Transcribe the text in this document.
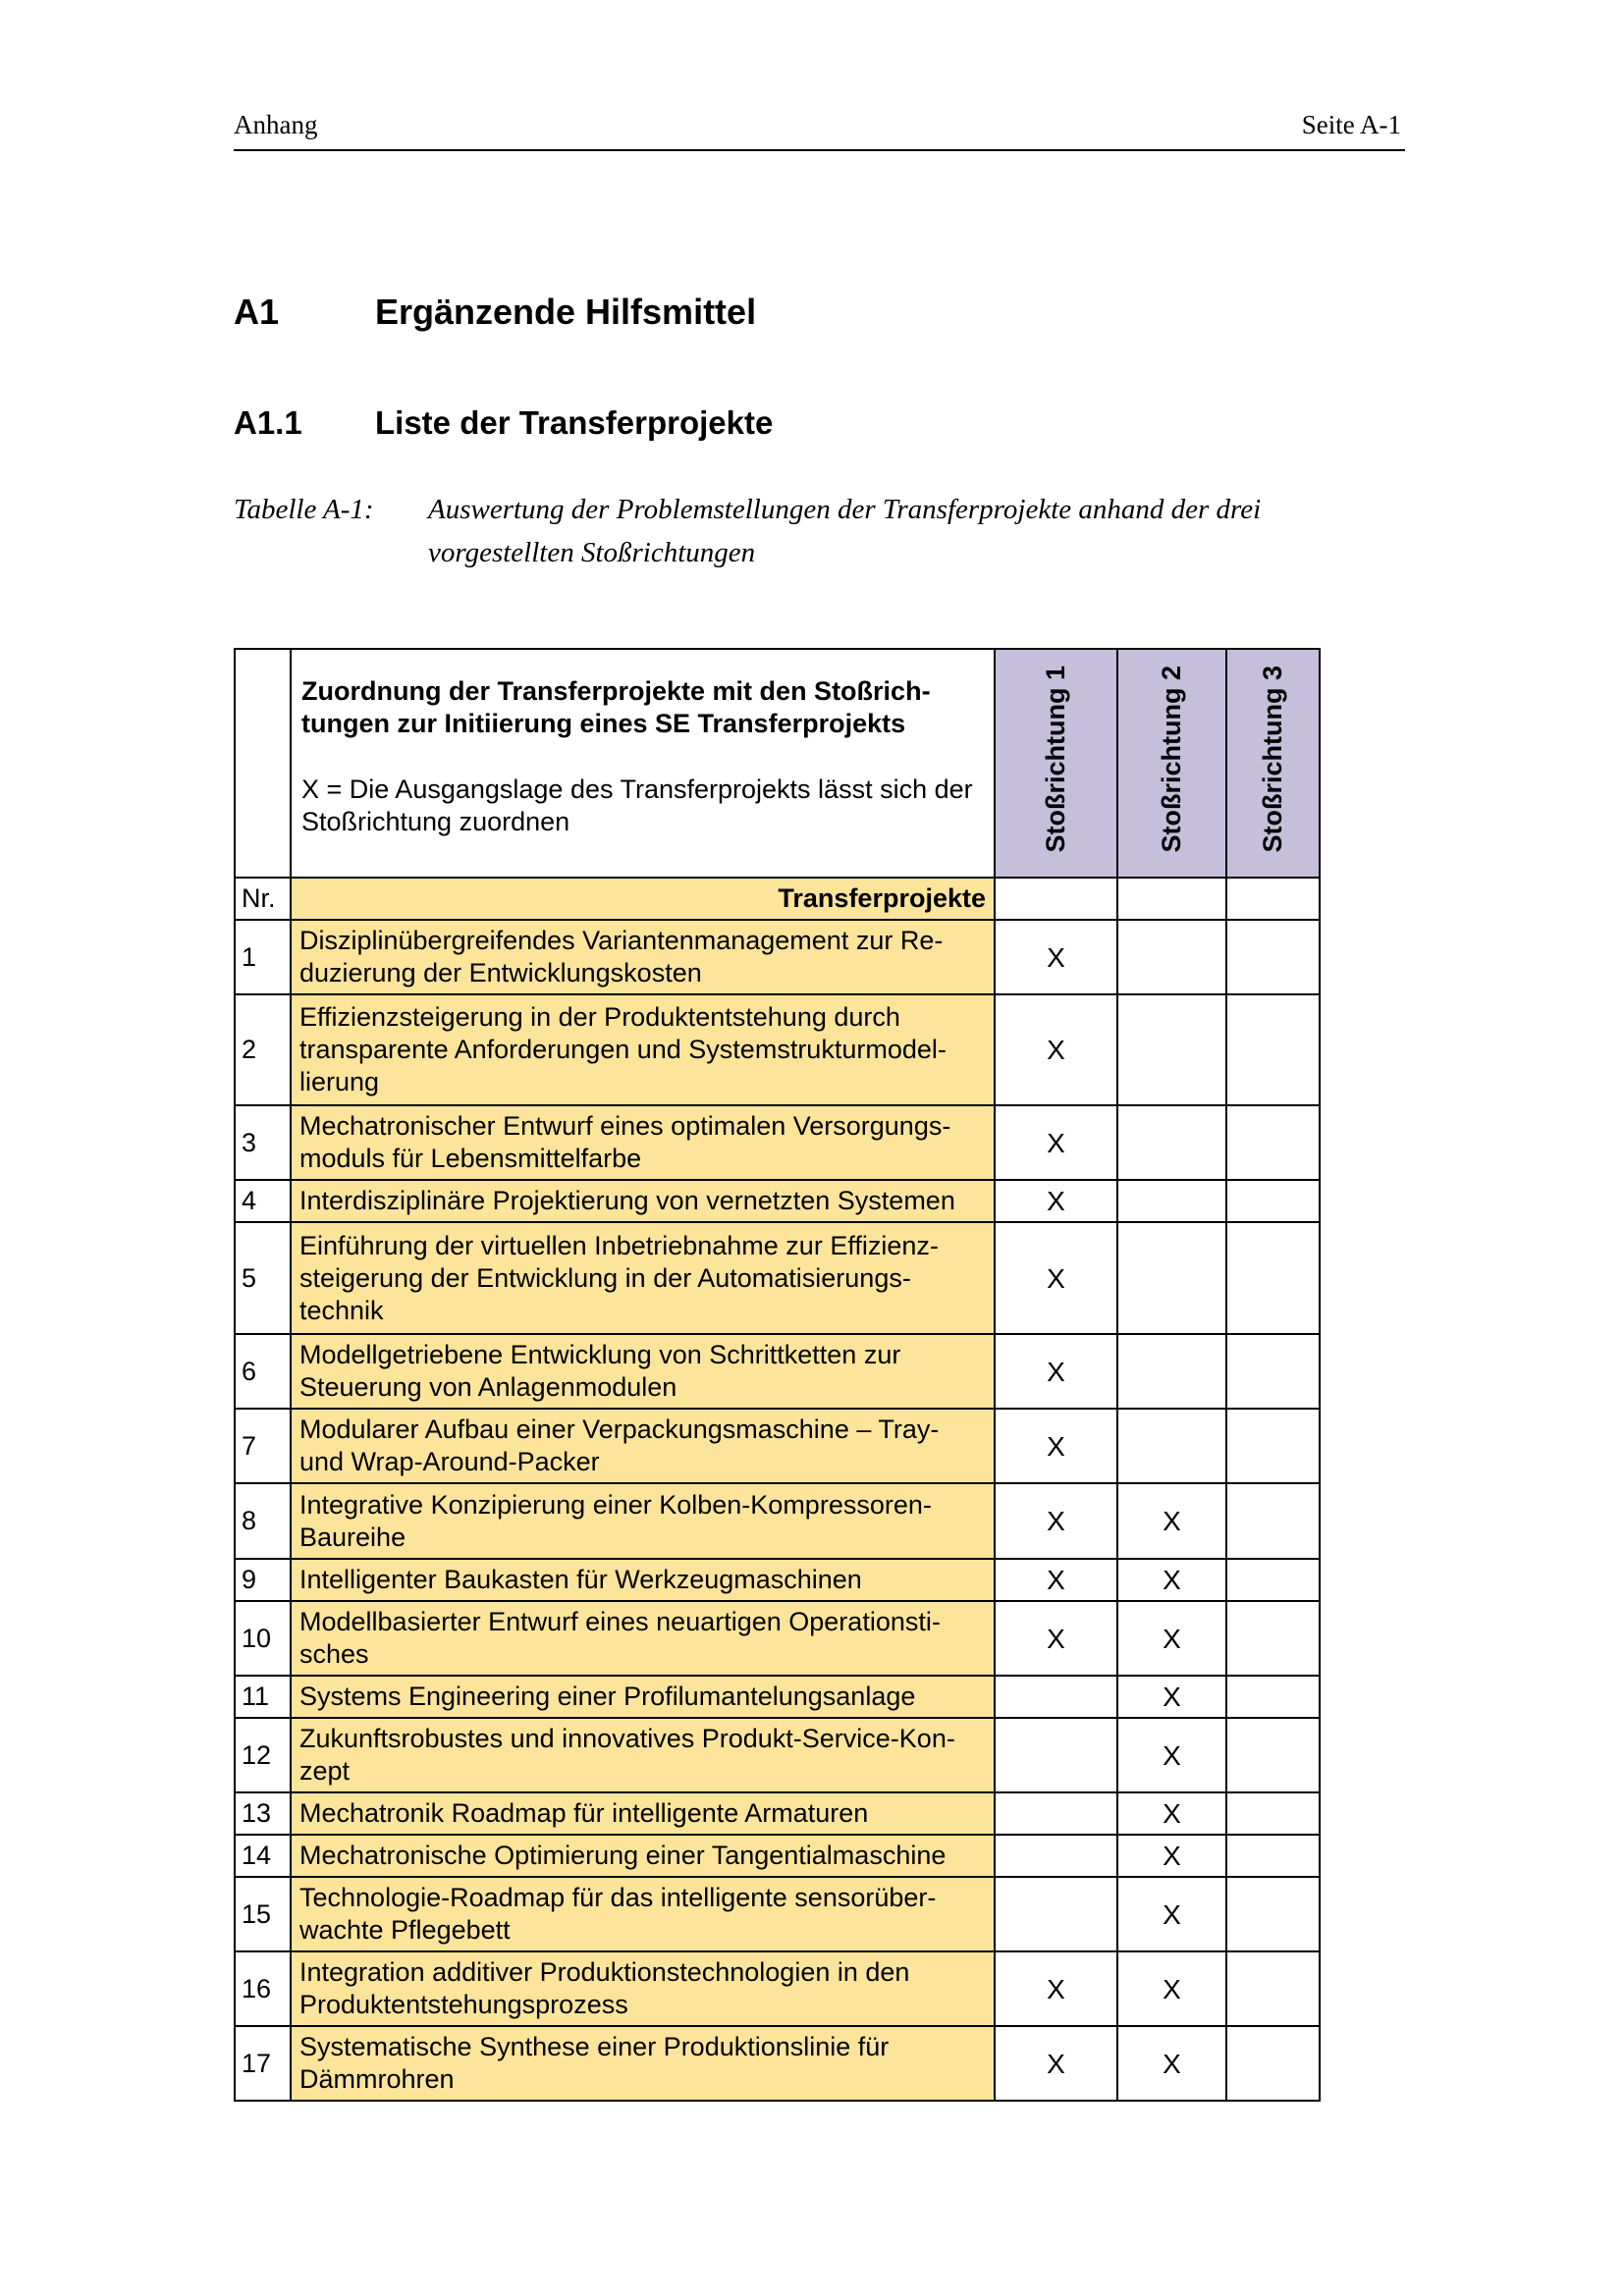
Anhang	Seite A-1
A1	Ergänzende Hilfsmittel
A1.1 Liste der Transferprojekte
Tabelle A-1: Auswertung der Problemstellungen der Transferprojekte anhand der drei vorgestellten Stoßrichtungen

	Zuordnung der Transferprojekte mit den Stoßrichtungen zur Initiierung eines SE Transferprojekts
X = Die Ausgangslage des Transferprojekts lässt sich der Stoßrichtung zuordnen	Stoßrichtung 1	Stoßrichtung 2	Stoßrichtung 3
Nr.	Transferprojekte			
1	Disziplinübergreifendes Variantenmanagement zur Reduzierung der Entwicklungskosten	X		
2	Effizienzsteigerung in der Produktentstehung durch transparente Anforderungen und Systemstrukturmodellierung	X		
3	Mechatronischer Entwurf eines optimalen Versorgungsmoduls für Lebensmittelfarbe	X		
4	Interdisziplinäre Projektierung von vernetzten Systemen	X		
5	Einführung der virtuellen Inbetriebnahme zur Effizienzsteigerung der Entwicklung in der Automatisierungstechnik	X		
6	Modellgetriebene Entwicklung von Schrittketten zur Steuerung von Anlagenmodulen	X		
7	Modularer Aufbau einer Verpackungsmaschine – Tray- und Wrap-Around-Packer	X		
8	Integrative Konzipierung einer Kolben-Kompressoren-Baureihe	X	X	
9	Intelligenter Baukasten für Werkzeugmaschinen	X	X	
10	Modellbasierter Entwurf eines neuartigen Operationstisches	X	X	
11	Systems Engineering einer Profilumantelungsanlage		X	
12	Zukunftsrobustes und innovatives Produkt-Service-Konzept		X	
13	Mechatronik Roadmap für intelligente Armaturen		X	
14	Mechatronische Optimierung einer Tangentialmaschine		X	
15	Technologie-Roadmap für das intelligente sensorüberwachte Pflegebett		X	
16	Integration additiver Produktionstechnologien in den Produktentstehungsprozess	X	X	
17	Systematische Synthese einer Produktionslinie für Dämmrohren	X	X	
